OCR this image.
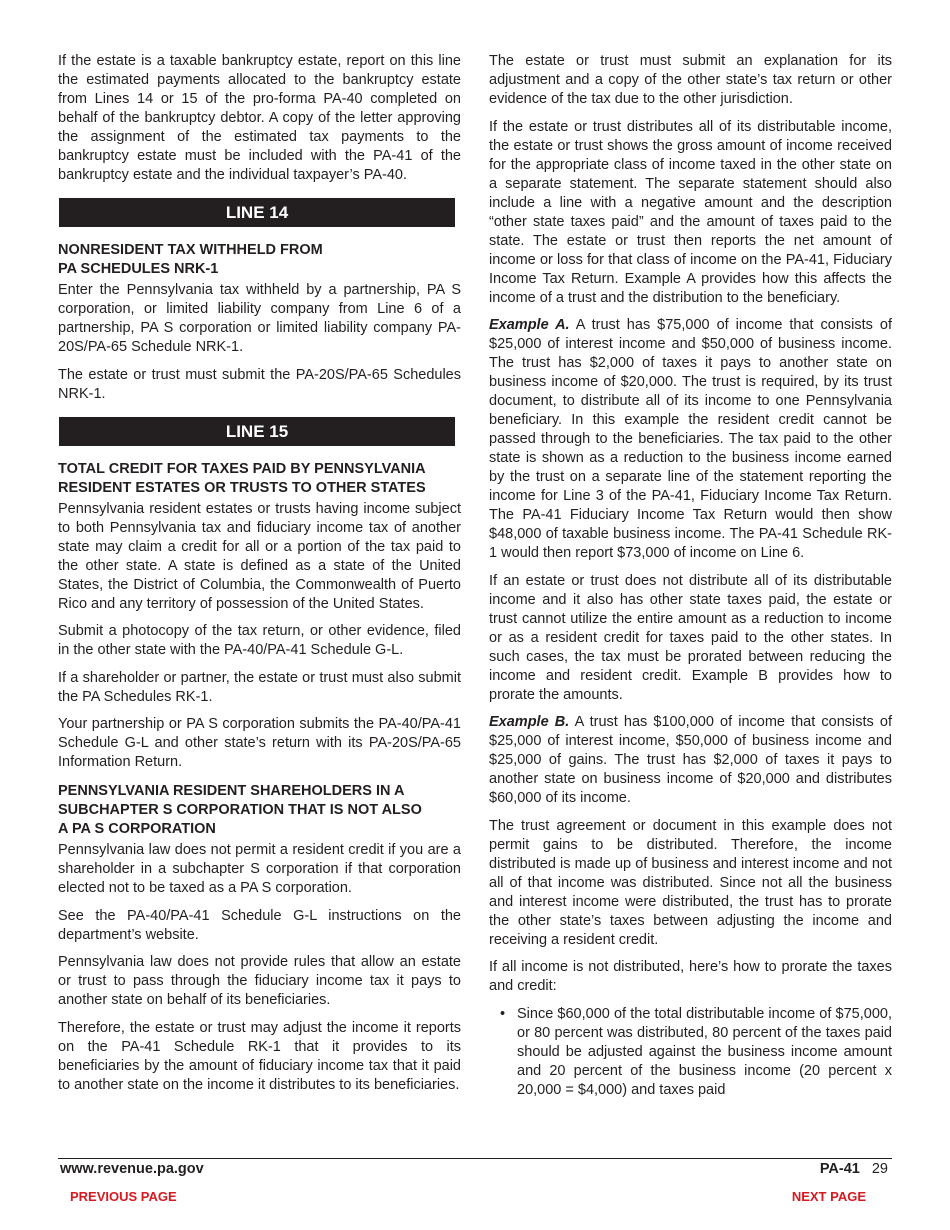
If the estate is a taxable bankruptcy estate, report on this line the estimated payments allocated to the bankruptcy estate from Lines 14 or 15 of the pro-forma PA-40 completed on behalf of the bankruptcy debtor. A copy of the letter approving the assignment of the estimated tax payments to the bankruptcy estate must be included with the PA-41 of the bankruptcy estate and the individual taxpayer’s PA-40.

LINE 14
NONRESIDENT TAX WITHHELD FROM
PA SCHEDULES NRK-1

Enter the Pennsylvania tax withheld by a partnership, PA S corporation, or limited liability company from Line 6 of a partnership, PA S corporation or limited liability company PA-20S/PA-65 Schedule NRK-1.

The estate or trust must submit the PA-20S/PA-65 Schedules NRK-1.

LINE 15
TOTAL CREDIT FOR TAXES PAID BY PENNSYLVANIA
RESIDENT ESTATES OR TRUSTS TO OTHER STATES

Pennsylvania resident estates or trusts having income subject to both Pennsylvania tax and fiduciary income tax of another state may claim a credit for all or a portion of the tax paid to the other state. A state is defined as a state of the United States, the District of Columbia, the Commonwealth of Puerto Rico and any territory of possession of the United States.

Submit a photocopy of the tax return, or other evidence, filed in the other state with the PA-40/PA-41 Schedule G-L.

If a shareholder or partner, the estate or trust must also submit the PA Schedules RK-1.

Your partnership or PA S corporation submits the PA-40/PA-41 Schedule G-L and other state’s return with its PA-20S/PA-65 Information Return.

PENNSYLVANIA RESIDENT SHAREHOLDERS IN A
SUBCHAPTER S CORPORATION THAT IS NOT ALSO
A PA S CORPORATION

Pennsylvania law does not permit a resident credit if you are a shareholder in a subchapter S corporation if that corporation elected not to be taxed as a PA S corporation.

See the PA-40/PA-41 Schedule G-L instructions on the department’s website.

Pennsylvania law does not provide rules that allow an estate or trust to pass through the fiduciary income tax it pays to another state on behalf of its beneficiaries.

Therefore, the estate or trust may adjust the income it reports on the PA-41 Schedule RK-1 that it provides to its beneficiaries by the amount of fiduciary income tax that it paid to another state on the income it distributes to its beneficiaries.

The estate or trust must submit an explanation for its adjustment and a copy of the other state’s tax return or other evidence of the tax due to the other jurisdiction.

If the estate or trust distributes all of its distributable income, the estate or trust shows the gross amount of income received for the appropriate class of income taxed in the other state on a separate statement. The separate statement should also include a line with a negative amount and the description “other state taxes paid” and the amount of taxes paid to the state. The estate or trust then reports the net amount of income or loss for that class of income on the PA-41, Fiduciary Income Tax Return. Example A provides how this affects the income of a trust and the distribution to the beneficiary.

Example A. A trust has $75,000 of income that consists of $25,000 of interest income and $50,000 of business income. The trust has $2,000 of taxes it pays to another state on business income of $20,000. The trust is required, by its trust document, to distribute all of its income to one Pennsylvania beneficiary. In this example the resident credit cannot be passed through to the beneficiaries. The tax paid to the other state is shown as a reduction to the business income earned by the trust on a separate line of the statement reporting the income for Line 3 of the PA-41, Fiduciary Income Tax Return. The PA-41 Fiduciary Income Tax Return would then show $48,000 of taxable business income. The PA-41 Schedule RK-1 would then report $73,000 of income on Line 6.

If an estate or trust does not distribute all of its distributable income and it also has other state taxes paid, the estate or trust cannot utilize the entire amount as a reduction to income or as a resident credit for taxes paid to the other states. In such cases, the tax must be prorated between reducing the income and resident credit. Example B provides how to prorate the amounts.

Example B. A trust has $100,000 of income that consists of $25,000 of interest income, $50,000 of business income and $25,000 of gains. The trust has $2,000 of taxes it pays to another state on business income of $20,000 and distributes $60,000 of its income.

The trust agreement or document in this example does not permit gains to be distributed. Therefore, the income distributed is made up of business and interest income and not all of that income was distributed. Since not all the business and interest income were distributed, the trust has to prorate the other state’s taxes between adjusting the income and receiving a resident credit.

If all income is not distributed, here’s how to prorate the taxes and credit:

• Since $60,000 of the total distributable income of $75,000, or 80 percent was distributed, 80 percent of the taxes paid should be adjusted against the business income amount and 20 percent of the business income (20 percent x 20,000 = $4,000) and taxes paid
www.revenue.pa.gov	PA-41 29
PREVIOUS PAGE	NEXT PAGE
